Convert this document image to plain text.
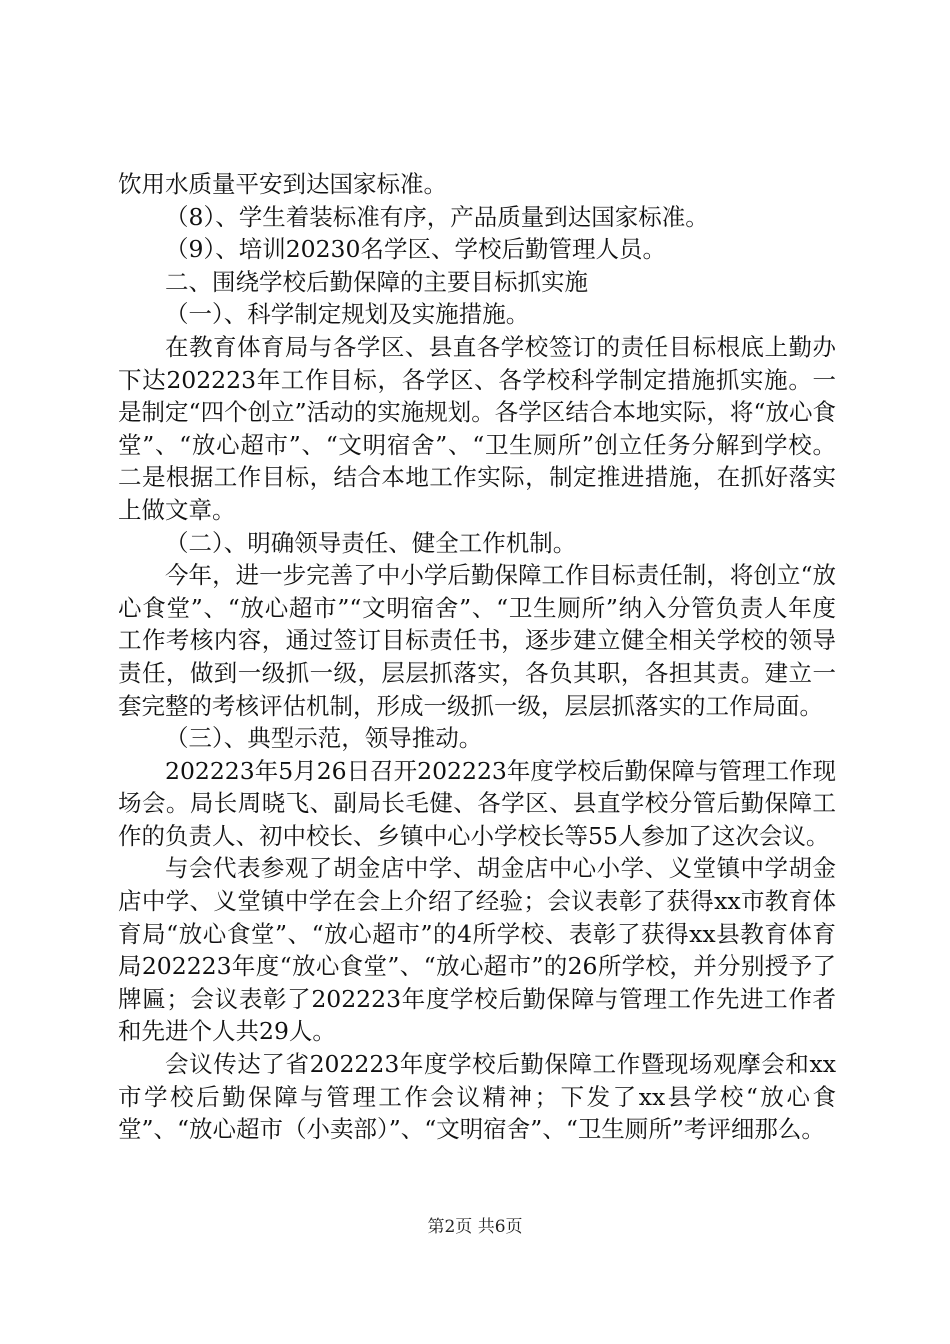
饮用水质量平安到达国家标准。

（8）、学生着装标准有序，产品质量到达国家标准。

（9）、培训20230名学区、学校后勤管理人员。

二、围绕学校后勤保障的主要目标抓实施

（一）、科学制定规划及实施措施。

在教育体育局与各学区、县直各学校签订的责任目标根底上勤办下达202223年工作目标，各学区、各学校科学制定措施抓实施。一是制定“四个创立”活动的实施规划。各学区结合本地实际，将“放心食堂”、“放心超市”、“文明宿舍”、“卫生厕所”创立任务分解到学校。二是根据工作目标，结合本地工作实际，制定推进措施，在抓好落实上做文章。

（二）、明确领导责任、健全工作机制。

今年，进一步完善了中小学后勤保障工作目标责任制，将创立“放心食堂”、“放心超市”“文明宿舍”、“卫生厕所”纳入分管负责人年度工作考核内容，通过签订目标责任书，逐步建立健全相关学校的领导责任，做到一级抓一级，层层抓落实，各负其职，各担其责。建立一套完整的考核评估机制，形成一级抓一级，层层抓落实的工作局面。

（三）、典型示范，领导推动。

202223年5月26日召开202223年度学校后勤保障与管理工作现场会。局长周晓飞、副局长毛健、各学区、县直学校分管后勤保障工作的负责人、初中校长、乡镇中心小学校长等55人参加了这次会议。

与会代表参观了胡金店中学、胡金店中心小学、义堂镇中学胡金店中学、义堂镇中学在会上介绍了经验；会议表彰了获得xx市教育体育局“放心食堂”、“放心超市”的4所学校、表彰了获得xx县教育体育局202223年度“放心食堂”、“放心超市”的26所学校，并分别授予了牌匾；会议表彰了202223年度学校后勤保障与管理工作先进工作者和先进个人共29人。

会议传达了省202223年度学校后勤保障工作暨现场观摩会和xx市学校后勤保障与管理工作会议精神；下发了xx县学校“放心食堂”、“放心超市（小卖部）”、“文明宿舍”、“卫生厕所”考评细那么。

第2页 共6页
